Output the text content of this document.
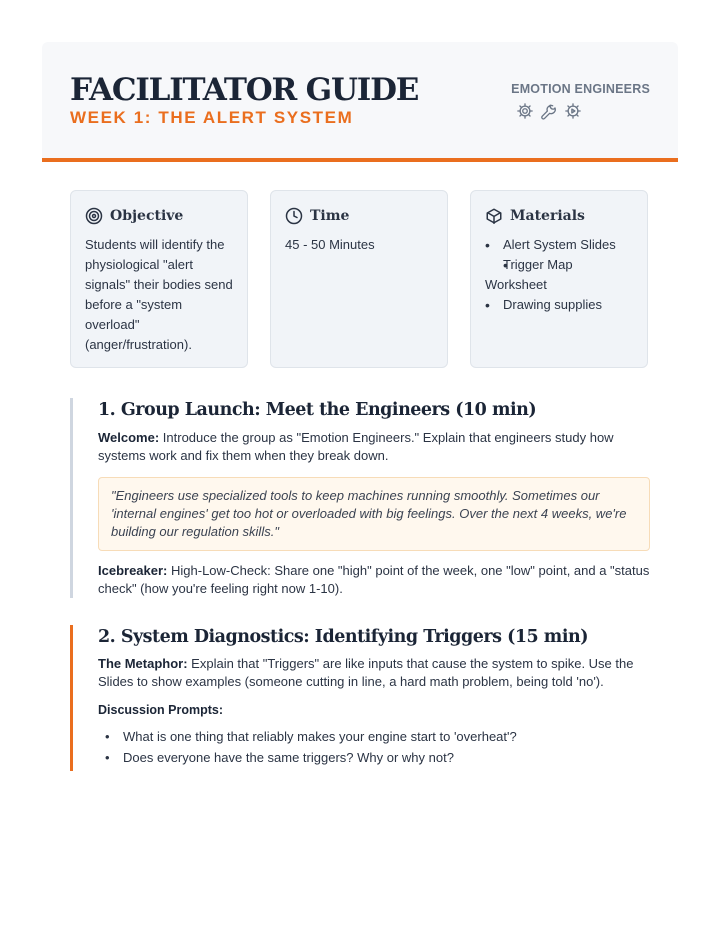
FACILITATOR GUIDE
WEEK 1: THE ALERT SYSTEM
EMOTION ENGINEERS
Objective
Students will identify the physiological "alert signals" their bodies send before a "system overload" (anger/frustration).
Time
45 - 50 Minutes
Materials
• Alert System Slides
• Trigger Map Worksheet
• Drawing supplies
1. Group Launch: Meet the Engineers (10 min)

Welcome: Introduce the group as "Emotion Engineers." Explain that engineers study how systems work and fix them when they break down.

"Engineers use specialized tools to keep machines running smoothly. Sometimes our 'internal engines' get too hot or overloaded with big feelings. Over the next 4 weeks, we're building our regulation skills."

Icebreaker: High-Low-Check: Share one "high" point of the week, one "low" point, and a "status check" (how you're feeling right now 1-10).

2. System Diagnostics: Identifying Triggers (15 min)

The Metaphor: Explain that "Triggers" are like inputs that cause the system to spike. Use the Slides to show examples (someone cutting in line, a hard math problem, being told 'no').

Discussion Prompts:

• What is one thing that reliably makes your engine start to 'overheat'?
• Does everyone have the same triggers? Why or why not?
